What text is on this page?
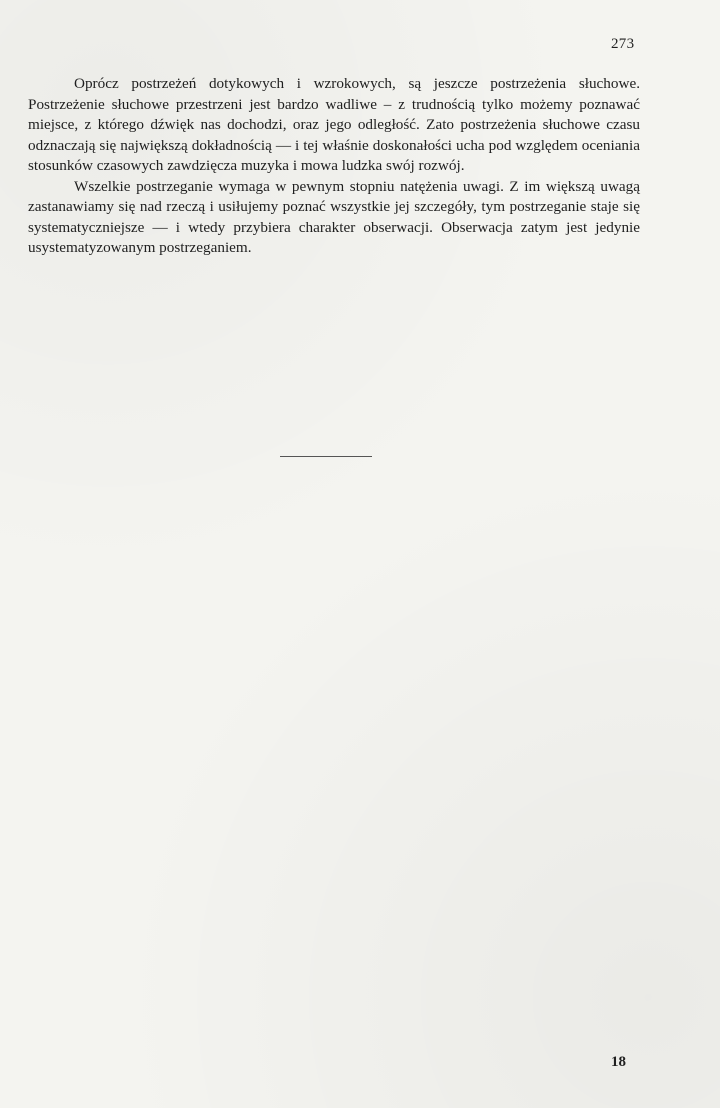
273

Oprócz postrzeżeń dotykowych i wzrokowych, są jeszcze postrzeżenia słuchowe. Postrzeżenie słuchowe przestrzeni jest bardzo wadliwe – z trudnością tylko możemy poznawać miejsce, z którego dźwięk nas dochodzi, oraz jego odległość. Zato postrzeżenia słuchowe czasu odznaczają się największą dokładnością — i tej właśnie doskonałości ucha pod względem oceniania stosunków czasowych zawdzięcza muzyka i mowa ludzka swój rozwój.

Wszelkie postrzeganie wymaga w pewnym stopniu natężenia uwagi. Z im większą uwagą zastanawiamy się nad rzeczą i usiłujemy poznać wszystkie jej szczegóły, tym postrzeganie staje się systematyczniejsze — i wtedy przybiera charakter obserwacji. Obserwacja zatym jest jedynie usystematyzowanym postrzeganiem.

18
